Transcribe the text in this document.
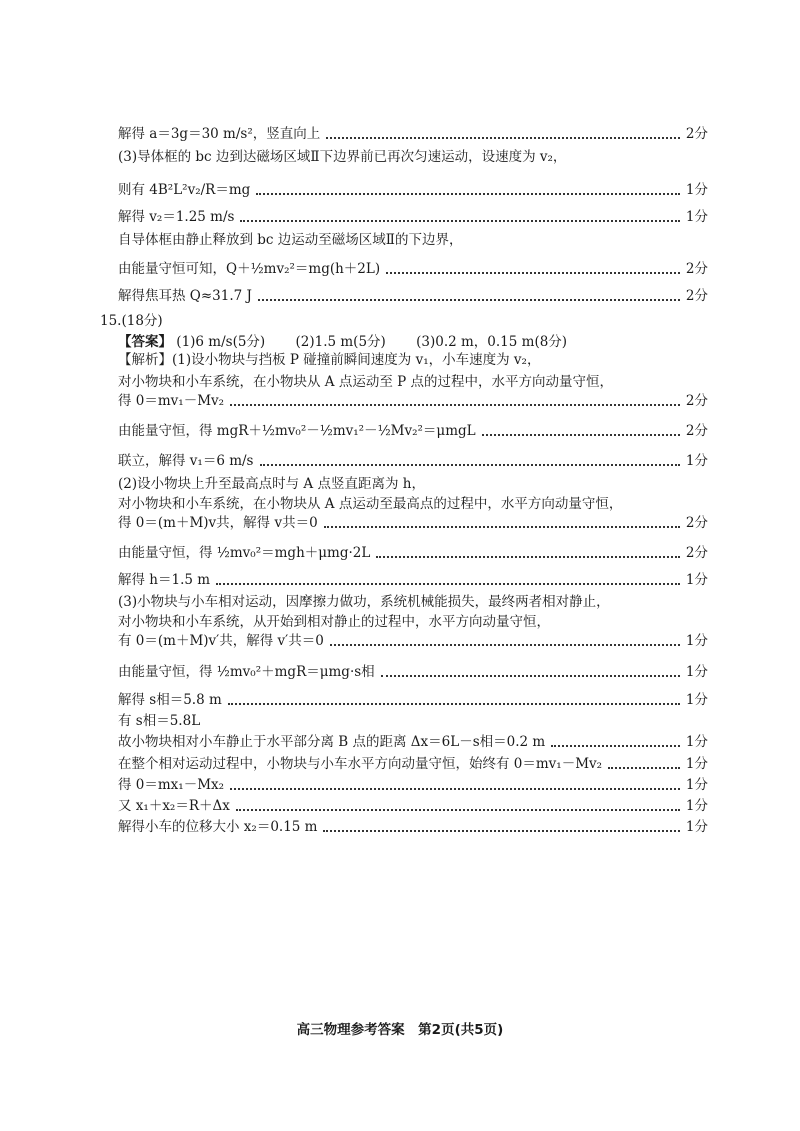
解得 a＝3g＝30 m/s²，竖直向上	2分
(3)导体框的 bc 边到达磁场区域Ⅱ下边界前已再次匀速运动，设速度为 v₂，
则有 4B²L²v₂/R＝mg	1分
解得 v₂＝1.25 m/s	1分
自导体框由静止释放到 bc 边运动至磁场区域Ⅱ的下边界，
由能量守恒可知，Q＋½mv₂²＝mg(h＋2L)	2分
解得焦耳热 Q≈31.7 J	2分
15.(18分)
【答案】 (1)6 m/s(5分) (2)1.5 m(5分) (3)0.2 m，0.15 m(8分)
【解析】(1)设小物块与挡板 P 碰撞前瞬间速度为 v₁，小车速度为 v₂，
对小物块和小车系统，在小物块从 A 点运动至 P 点的过程中，水平方向动量守恒，
得 0＝mv₁－Mv₂	2分
由能量守恒，得 mgR＋½mv₀²－½mv₁²－½Mv₂²＝μmgL	2分
联立，解得 v₁＝6 m/s	1分
(2)设小物块上升至最高点时与 A 点竖直距离为 h，
对小物块和小车系统，在小物块从 A 点运动至最高点的过程中，水平方向动量守恒，
得 0＝(m＋M)v共，解得 v共＝0	2分
由能量守恒，得 ½mv₀²＝mgh＋μmg·2L	2分
解得 h＝1.5 m	1分
(3)小物块与小车相对运动，因摩擦力做功，系统机械能损失，最终两者相对静止，
对小物块和小车系统，从开始到相对静止的过程中，水平方向动量守恒，
有 0＝(m＋M)v′共，解得 v′共＝0	1分
由能量守恒，得 ½mv₀²＋mgR＝μmg·s相	1分
解得 s相＝5.8 m	1分
有 s相＝5.8L
故小物块相对小车静止于水平部分离 B 点的距离 Δx＝6L－s相＝0.2 m	1分
在整个相对运动过程中，小物块与小车水平方向动量守恒，始终有 0＝mv₁－Mv₂	1分
得 0＝mx₁－Mx₂	1分
又 x₁＋x₂＝R＋Δx	1分
解得小车的位移大小 x₂＝0.15 m	1分
高三物理参考答案　第2页(共5页)
